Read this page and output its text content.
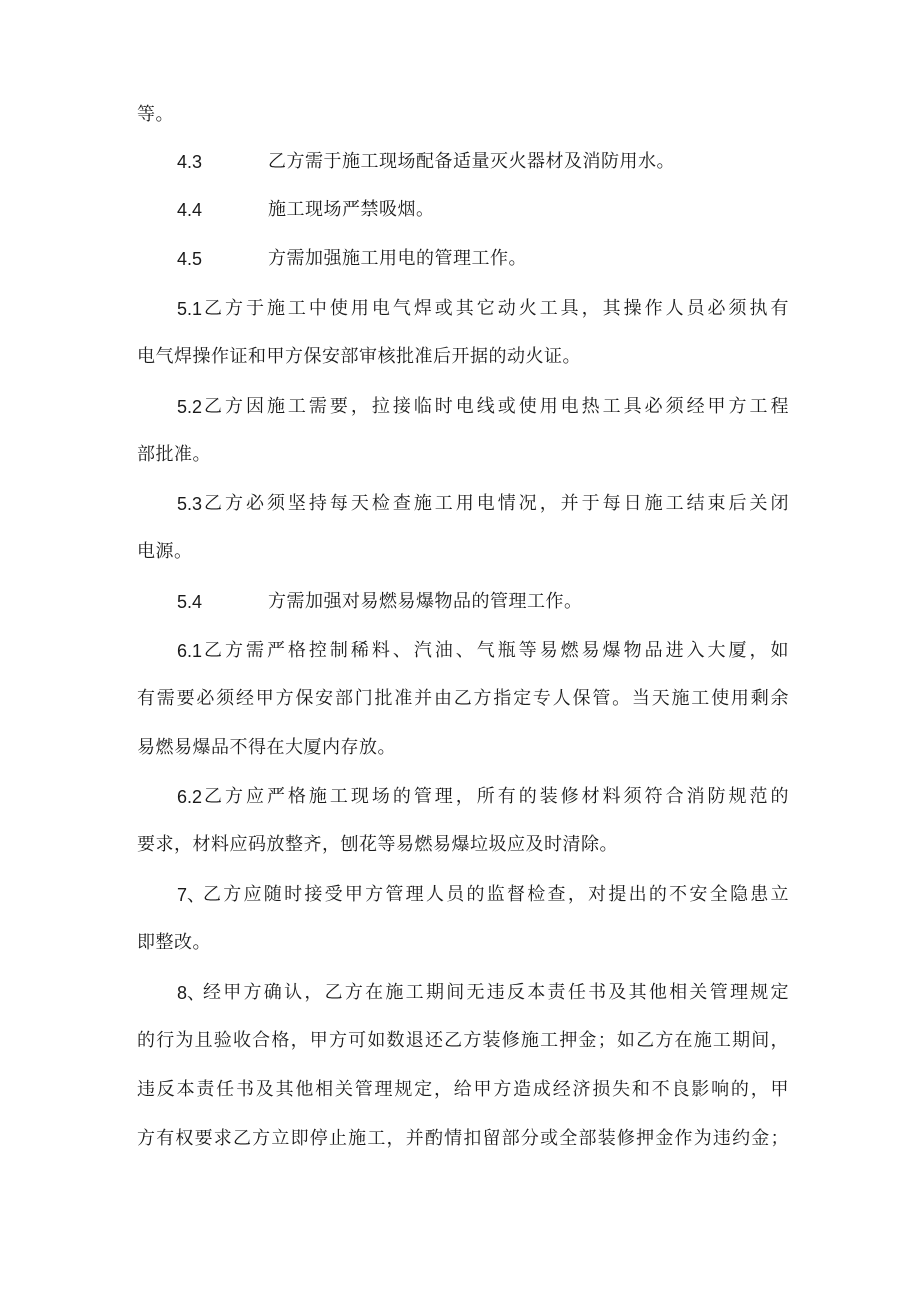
等。
4.3	乙方需于施工现场配备适量灭火器材及消防用水。
4.4	施工现场严禁吸烟。
4.5	方需加强施工用电的管理工作。
5.1 乙方于施工中使用电气焊或其它动火工具，其操作人员必须执有
电气焊操作证和甲方保安部审核批准后开据的动火证。
5.2 乙方因施工需要，拉接临时电线或使用电热工具必须经甲方工程
部批准。
5.3 乙方必须坚持每天检查施工用电情况，并于每日施工结束后关闭
电源。
5.4	方需加强对易燃易爆物品的管理工作。
6.1 乙方需严格控制稀料、汽油、气瓶等易燃易爆物品进入大厦，如
有需要必须经甲方保安部门批准并由乙方指定专人保管。当天施工使用剩余
易燃易爆品不得在大厦内存放。
6.2 乙方应严格施工现场的管理，所有的装修材料须符合消防规范的
要求，材料应码放整齐，刨花等易燃易爆垃圾应及时清除。
7、
乙方应随时接受甲方管理人员的监督检查，对提出的不安全隐患立
即整改。
8、
经甲方确认，乙方在施工期间无违反本责任书及其他相关管理规定
的行为且验收合格，甲方可如数退还乙方装修施工押金；如乙方在施工期间，
违反本责任书及其他相关管理规定，给甲方造成经济损失和不良影响的，甲
方有权要求乙方立即停止施工，并酌情扣留部分或全部装修押金作为违约金；
